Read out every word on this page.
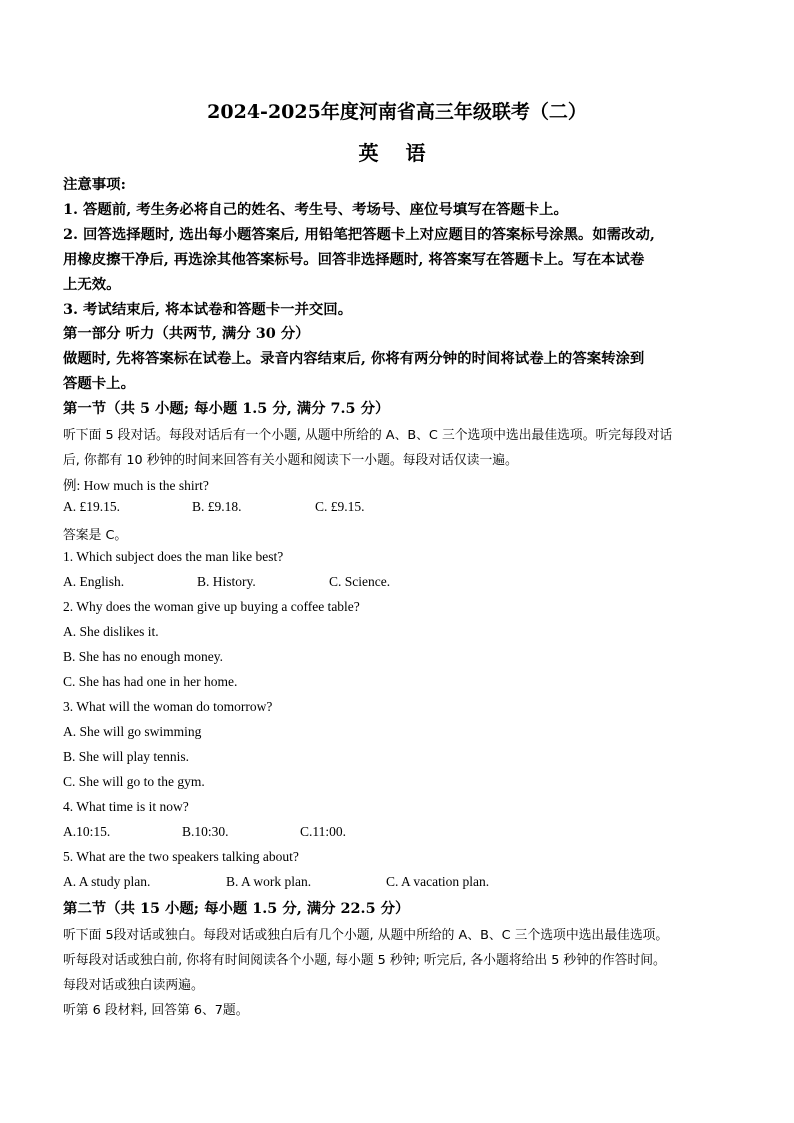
2024-2025年度河南省高三年级联考（二）
英 语
注意事项:
1. 答题前, 考生务必将自己的姓名、考生号、考场号、座位号填写在答题卡上。
2. 回答选择题时, 选出每小题答案后, 用铅笔把答题卡上对应题目的答案标号涂黑。如需改动,
用橡皮擦干净后, 再选涂其他答案标号。回答非选择题时, 将答案写在答题卡上。写在本试卷
上无效。
3. 考试结束后, 将本试卷和答题卡一并交回。
第一部分 听力（共两节, 满分 30 分）
做题时, 先将答案标在试卷上。录音内容结束后, 你将有两分钟的时间将试卷上的答案转涂到
答题卡上。
第一节（共 5 小题; 每小题 1.5 分, 满分 7.5 分）
听下面 5 段对话。每段对话后有一个小题, 从题中所给的 A、B、C 三个选项中选出最佳选项。听完每段对话
后, 你都有 10 秒钟的时间来回答有关小题和阅读下一小题。每段对话仅读一遍。
例: How much is the shirt?
A. £19.15.	B. £9.18.	C. £9.15.
答案是 C。
1. Which subject does the man like best?
A. English.	B. History.	C. Science.
2. Why does the woman give up buying a coffee table?
A. She dislikes it.
B. She has no enough money.
C. She has had one in her home.
3. What will the woman do tomorrow?
A. She will go swimming
B. She will play tennis.
C. She will go to the gym.
4. What time is it now?
A.10:15.	B.10:30.	C.11:00.
5. What are the two speakers talking about?
A. A study plan.	B. A work plan.	C. A vacation plan.
第二节（共 15 小题; 每小题 1.5 分, 满分 22.5 分）
听下面 5段对话或独白。每段对话或独白后有几个小题, 从题中所给的 A、B、C 三个选项中选出最佳选项。
听每段对话或独白前, 你将有时间阅读各个小题, 每小题 5 秒钟; 听完后, 各小题将给出 5 秒钟的作答时间。
每段对话或独白读两遍。
听第 6 段材料, 回答第 6、7题。
